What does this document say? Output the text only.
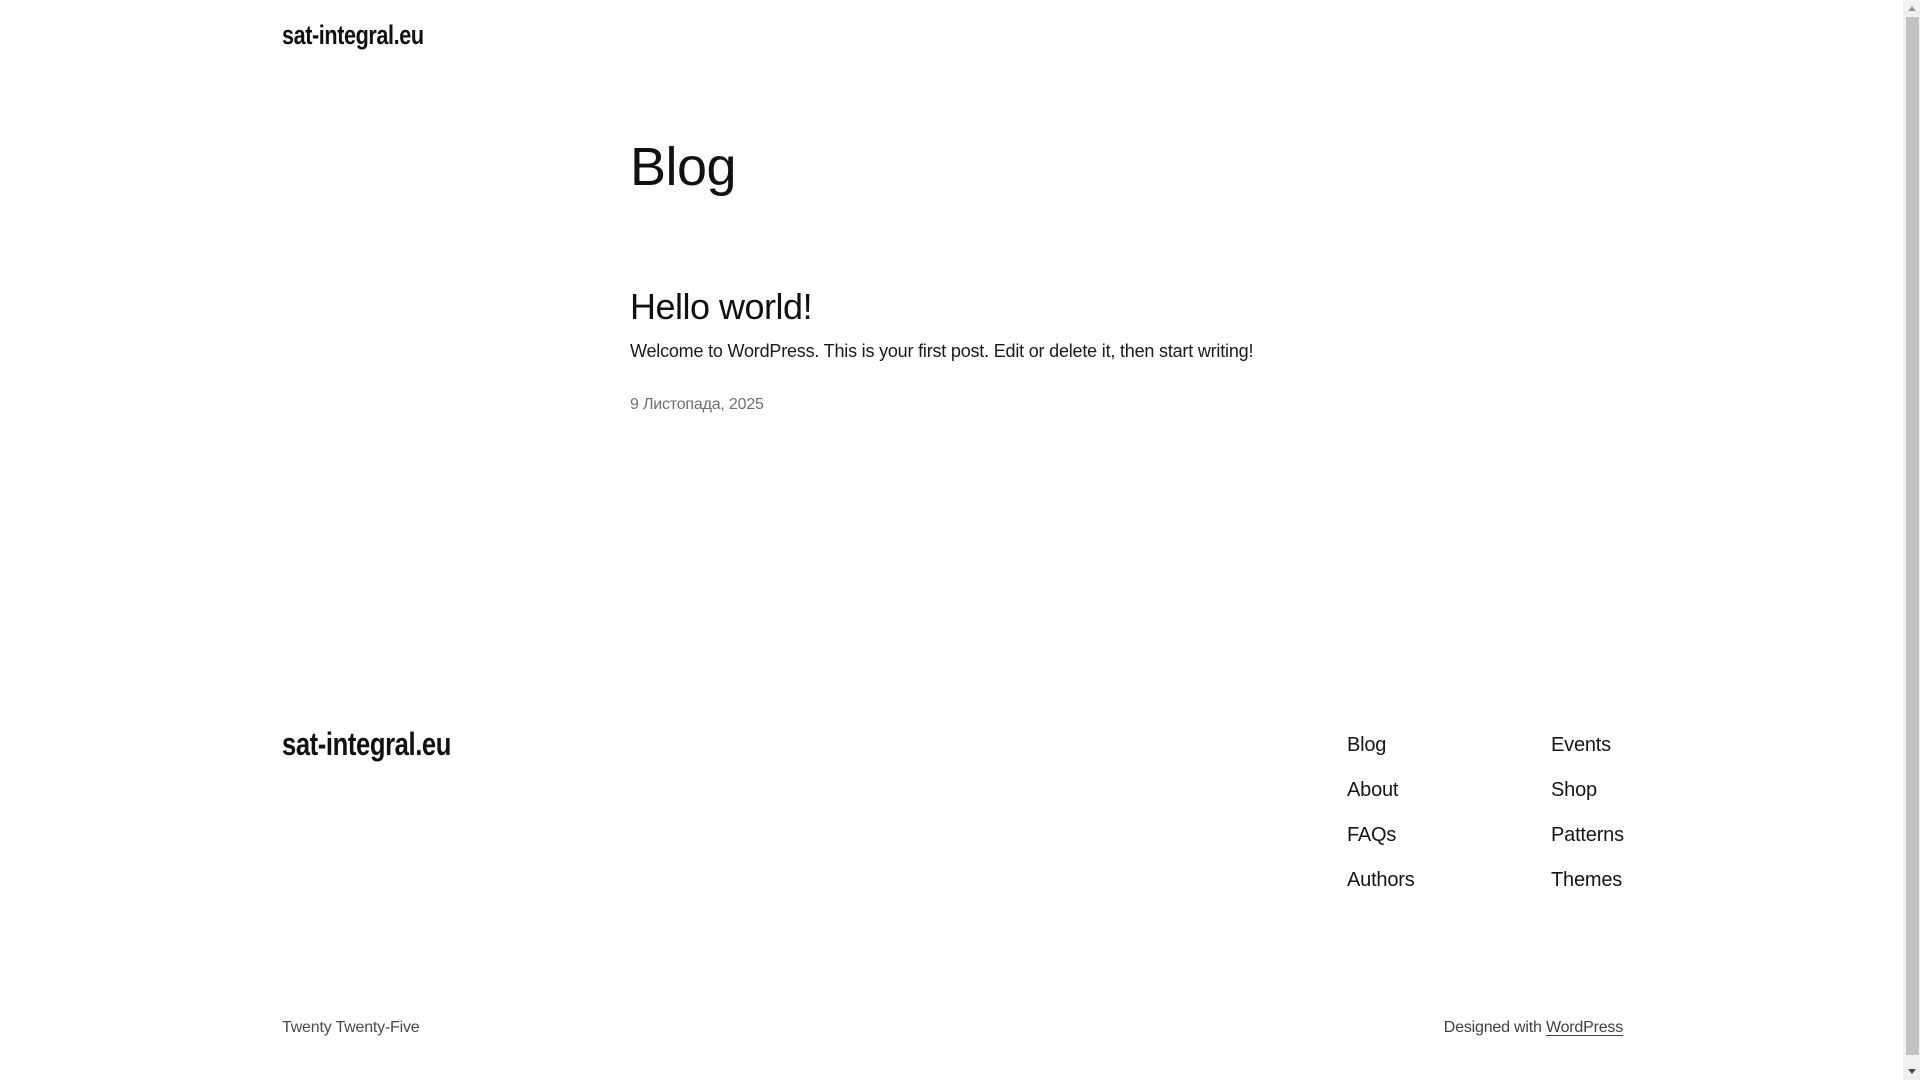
sat-integral.eu
Blog
Hello world!

Welcome to WordPress. This is your first post. Edit or delete it, then start writing!

9 Листопада, 2025
sat-integral.eu	Blog
About
FAQs
Authors
Events
Shop
Patterns
Themes
Twenty Twenty-Five	Designed with WordPress
